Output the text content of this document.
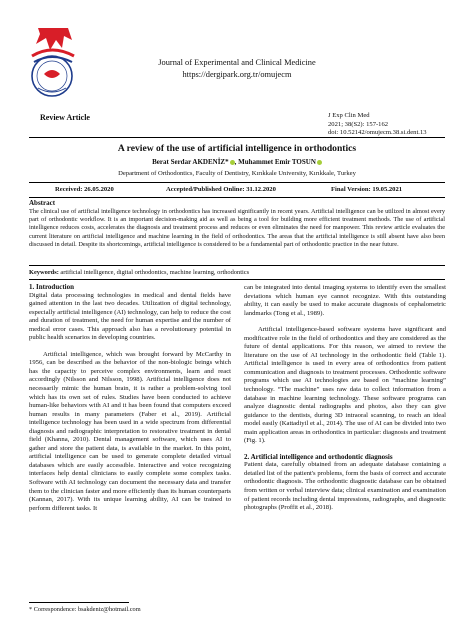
Journal of Experimental and Clinical Medicine
https://dergipark.org.tr/omujecm
Review Article	J Exp Clin Med
2021; 38(S2): 157-162
doi: 10.52142/omujecm.38.si.dent.13
A review of the use of artificial intelligence in orthodontics
Berat Serdar AKDENİZ* , Muhammet Emir TOSUN
Department of Orthodontics, Faculty of Dentistry, Kırıkkale University, Kırıkkale, Turkey
Received: 26.05.2020	Accepted/Published Online: 31.12.2020	Final Version: 19.05.2021
Abstract
The clinical use of artificial intelligence technology in orthodontics has increased significantly in recent years. Artificial intelligence can be utilized in almost every part of orthodontic workflow. It is an important decision-making aid as well as being a tool for building more efficient treatment methods. The use of artificial intelligence reduces costs, accelerates the diagnosis and treatment process and reduces or even eliminates the need for manpower. This review article evaluates the current literature on artificial intelligence and machine learning in the field of orthodontics. The areas that the artificial intelligence is still absent have also been discussed in detail. Despite its shortcomings, artificial intelligence is considered to be a fundamental part of orthodontic practice in the near future.
Keywords: artificial intelligence, digital orthodontics, machine learning, orthodontics
1. Introduction
Digital data processing technologies in medical and dental fields have gained attention in the last two decades. Utilization of digital technology, especially artificial intelligence (AI) technology, can help to reduce the cost and duration of treatment, the need for human expertise and the number of medical error cases. This approach also has a revolutionary potential in public health scenarios in developing countries.
Artificial intelligence, which was brought forward by McCarthy in 1956, can be described as the behavior of the non-biologic beings which has the capacity to perceive complex environments, learn and react accordingly (Nilsson and Nilsson, 1998). Artificial intelligence does not necessarily mimic the human brain, it is rather a problem-solving tool which has its own set of rules. Studies have been conducted to achieve human-like behaviors with AI and it has been found that computers exceed human results in many parameters (Faber et al., 2019). Artificial intelligence technology has been used in a wide spectrum from differential diagnosis and radiographic interpretation to restorative treatment in dental field (Khanna, 2010). Dental management software, which uses AI to gather and store the patient data, is available in the market. In this point, artificial intelligence can be used to generate complete detailed virtual databases which are easily accessible. Interactive and voice recognizing interfaces help dental clinicians to easily complete some complex tasks. Software with AI technology can document the necessary data and transfer them to the clinician faster and more efficiently than its human counterparts (Kannan, 2017). With its unique learning ability, AI can be trained to perform different tasks. It
can be integrated into dental imaging systems to identify even the smallest deviations which human eye cannot recognize. With this outstanding ability, it can easily be used to make accurate diagnosis of cephalometric landmarks (Tong et al., 1989).
Artificial intelligence-based software systems have significant and modificative role in the field of orthodontics and they are considered as the future of dental applications. For this reason, we aimed to review the literature on the use of AI technology in the orthodontic field (Table 1). Artificial intelligence is used in every area of orthodontics from patient communication and diagnosis to treatment processes. Orthodontic software programs which use AI technologies are based on “machine learning” technology. “The machine” uses raw data to collect information from a database in machine learning technology. These software programs can analyze diagnostic dental radiographs and photos, also they can give guidance to the dentists, during 3D intraoral scanning, to reach an ideal model easily (Kattadiyil et al., 2014). The use of AI can be divided into two main application areas in orthodontics in particular: diagnosis and treatment (Fig. 1).
2. Artificial intelligence and orthodontic diagnosis
Patient data, carefully obtained from an adequate database containing a detailed list of the patient's problems, form the basis of correct and accurate orthodontic diagnosis. The orthodontic diagnostic database can be obtained from written or verbal interview data; clinical examination and examination of patient records including dental impressions, radiographs, and diagnostic photographs (Proffit et al., 2018).
* Correspondence: bsakdeniz@hotmail.com
